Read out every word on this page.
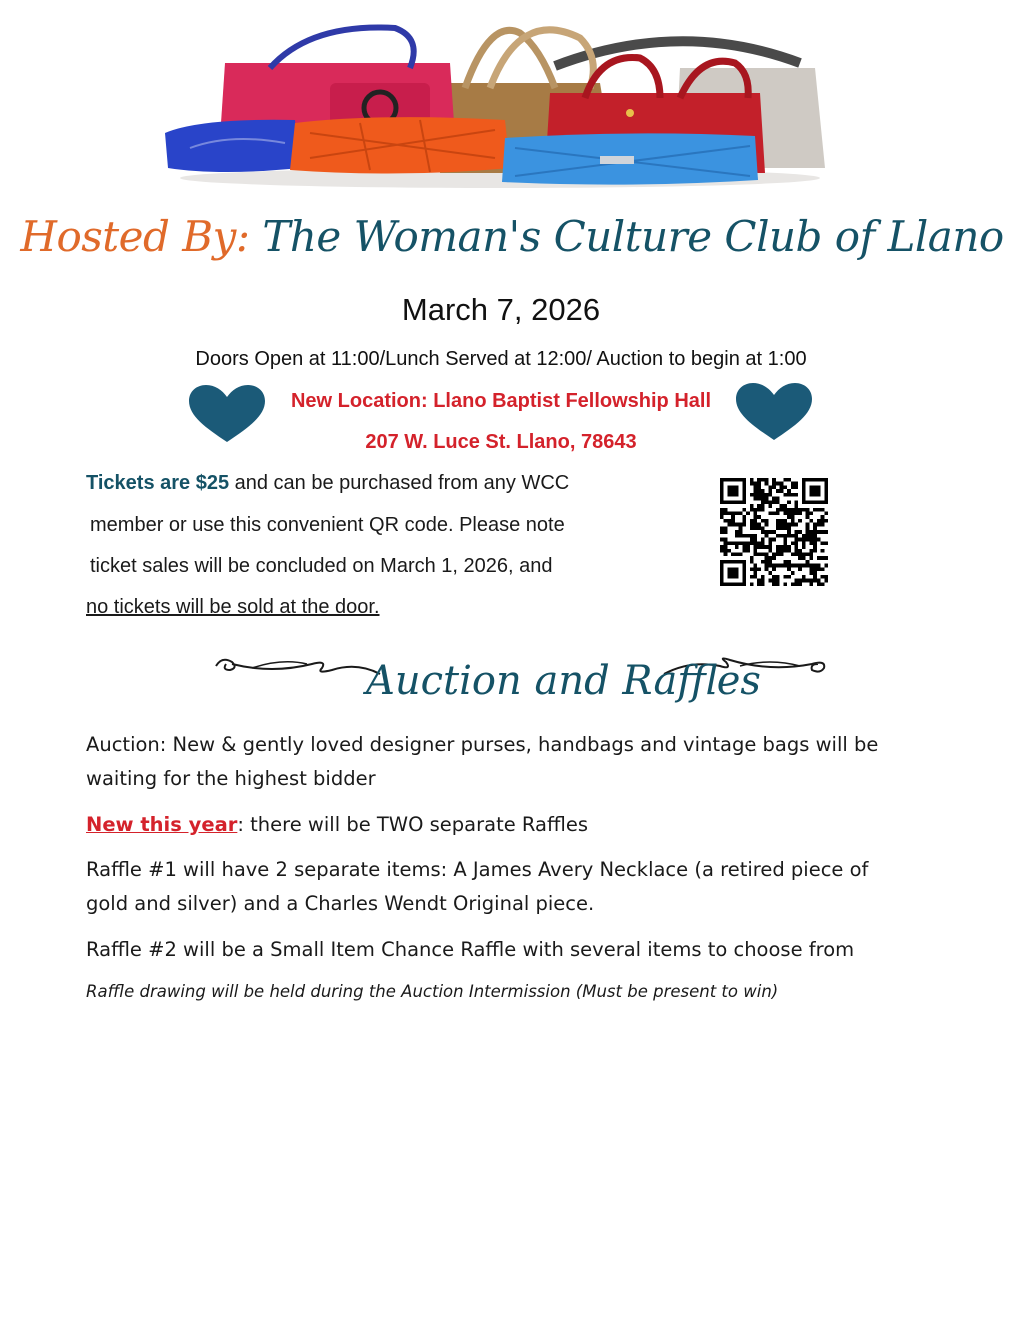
Hosted By: The Woman's Culture Club of Llano
March 7, 2026
Doors Open at 11:00/Lunch Served at 12:00/ Auction to begin at 1:00
New Location: Llano Baptist Fellowship Hall
207 W. Luce St. Llano, 78643
Tickets are $25 and can be purchased from any WCC
member or use this convenient QR code. Please note
ticket sales will be concluded on March 1, 2026, and
no tickets will be sold at the door.
Auction and Raffles
Auction: New & gently loved designer purses, handbags and vintage bags will be
waiting for the highest bidder
New this year: there will be TWO separate Raffles
Raffle #1 will have 2 separate items: A James Avery Necklace (a retired piece of
gold and silver) and a Charles Wendt Original piece.
Raffle #2 will be a Small Item Chance Raffle with several items to choose from
Raffle drawing will be held during the Auction Intermission (Must be present to win)
